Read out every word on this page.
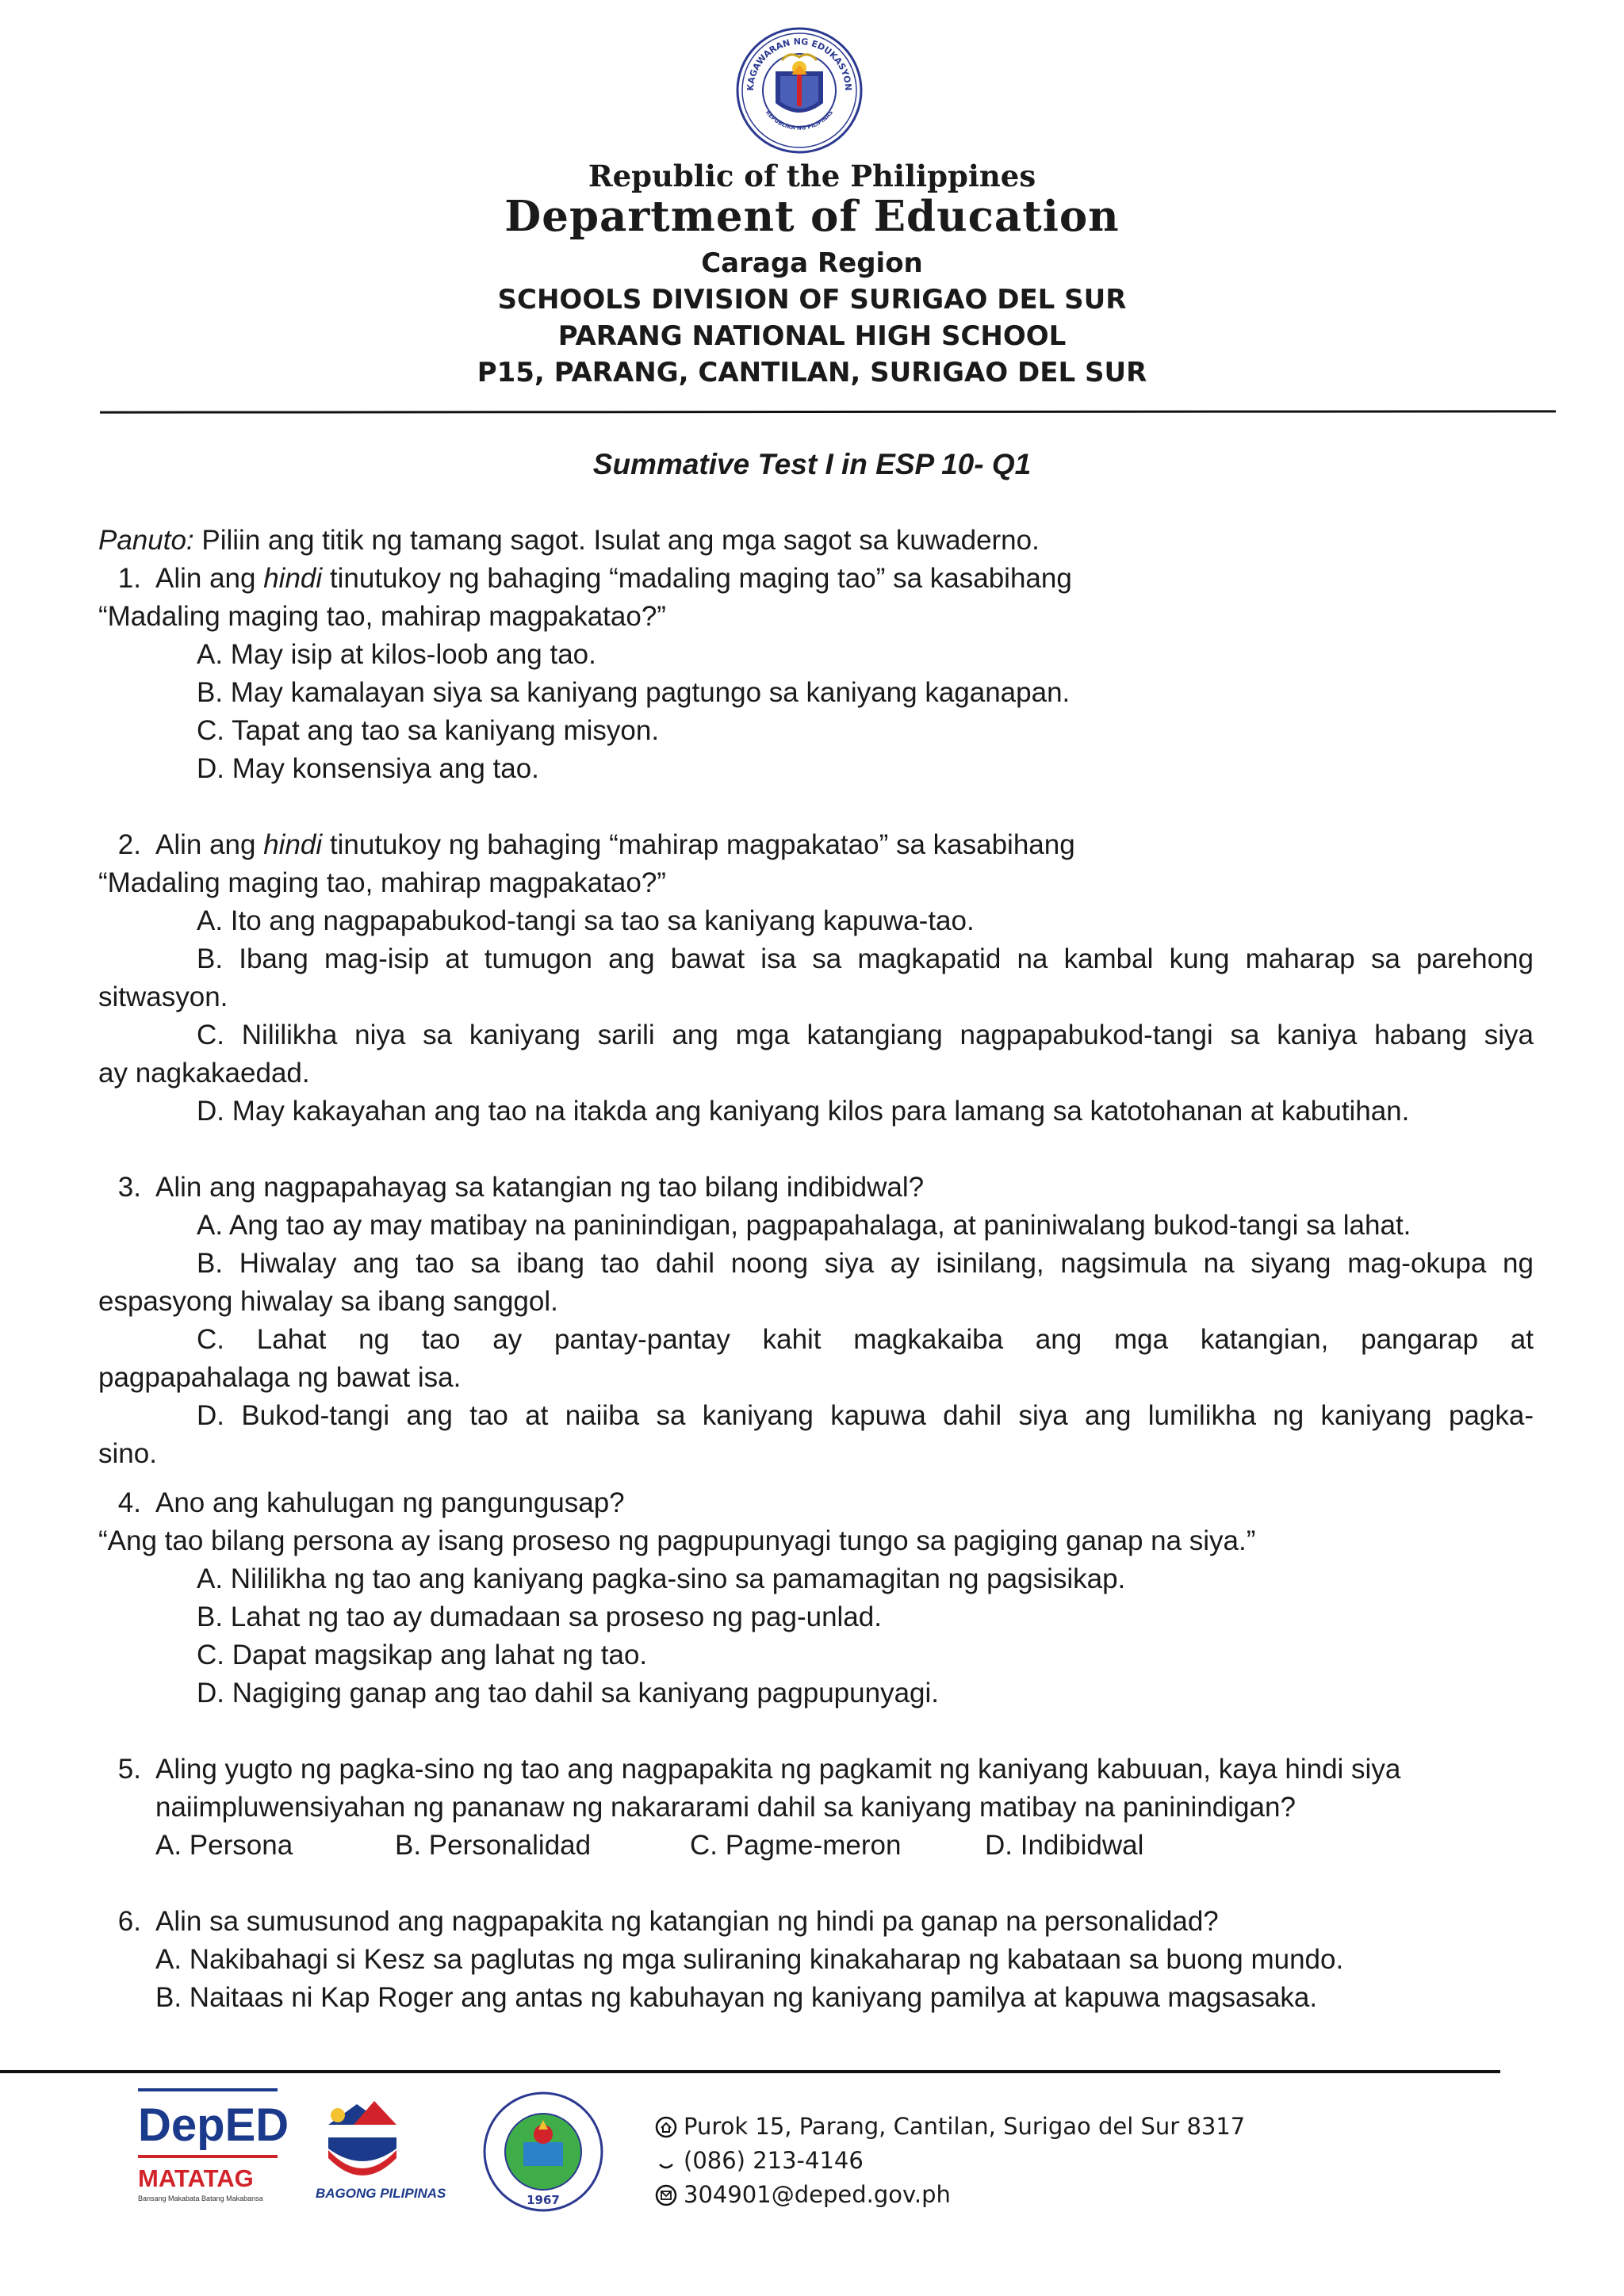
KAGAWARAN NG EDUKASYON
REPUBLIKA NG PILIPINAS
Republic of the Philippines
Department of Education
Caraga Region
SCHOOLS DIVISION OF SURIGAO DEL SUR
PARANG NATIONAL HIGH SCHOOL
P15, PARANG, CANTILAN, SURIGAO DEL SUR
Summative Test I in ESP 10- Q1
Panuto: Piliin ang titik ng tamang sagot. Isulat ang mga sagot sa kuwaderno.
1. Alin ang hindi tinutukoy ng bahaging “madaling maging tao” sa kasabihang
“Madaling maging tao, mahirap magpakatao?”
A. May isip at kilos-loob ang tao.
B. May kamalayan siya sa kaniyang pagtungo sa kaniyang kaganapan.
C. Tapat ang tao sa kaniyang misyon.
D. May konsensiya ang tao.
2. Alin ang hindi tinutukoy ng bahaging “mahirap magpakatao” sa kasabihang
“Madaling maging tao, mahirap magpakatao?”
A. Ito ang nagpapabukod-tangi sa tao sa kaniyang kapuwa-tao.
B. Ibang mag-isip at tumugon ang bawat isa sa magkapatid na kambal kung maharap sa parehong
sitwasyon.
C. Nililikha niya sa kaniyang sarili ang mga katangiang nagpapabukod-tangi sa kaniya habang siya
ay nagkakaedad.
D. May kakayahan ang tao na itakda ang kaniyang kilos para lamang sa katotohanan at kabutihan.
3. Alin ang nagpapahayag sa katangian ng tao bilang indibidwal?
A. Ang tao ay may matibay na paninindigan, pagpapahalaga, at paniniwalang bukod-tangi sa lahat.
B. Hiwalay ang tao sa ibang tao dahil noong siya ay isinilang, nagsimula na siyang mag-okupa ng
espasyong hiwalay sa ibang sanggol.
C. Lahat ng tao ay pantay-pantay kahit magkakaiba ang mga katangian, pangarap at
pagpapahalaga ng bawat isa.
D. Bukod-tangi ang tao at naiiba sa kaniyang kapuwa dahil siya ang lumilikha ng kaniyang pagka-
sino.
4. Ano ang kahulugan ng pangungusap?
“Ang tao bilang persona ay isang proseso ng pagpupunyagi tungo sa pagiging ganap na siya.”
A. Nililikha ng tao ang kaniyang pagka-sino sa pamamagitan ng pagsisikap.
B. Lahat ng tao ay dumadaan sa proseso ng pag-unlad.
C. Dapat magsikap ang lahat ng tao.
D. Nagiging ganap ang tao dahil sa kaniyang pagpupunyagi.
5. Aling yugto ng pagka-sino ng tao ang nagpapakita ng pagkamit ng kaniyang kabuuan, kaya hindi siya
naiimpluwensiyahan ng pananaw ng nakararami dahil sa kaniyang matibay na paninindigan?
A. Persona	B. Personalidad	C. Pagme-meron	D. Indibidwal
6. Alin sa sumusunod ang nagpapakita ng katangian ng hindi pa ganap na personalidad?
A. Nakibahagi si Kesz sa paglutas ng mga suliraning kinakaharap ng kabataan sa buong mundo.
B. Naitaas ni Kap Roger ang antas ng kabuhayan ng kaniyang pamilya at kapuwa magsasaka.
DepED
MATATAG
Bansang Makabata Batang Makabansa	BAGONG PILIPINAS	1967
Purok 15, Parang, Cantilan, Surigao del Sur 8317
(086) 213-4146
304901@deped.gov.ph
